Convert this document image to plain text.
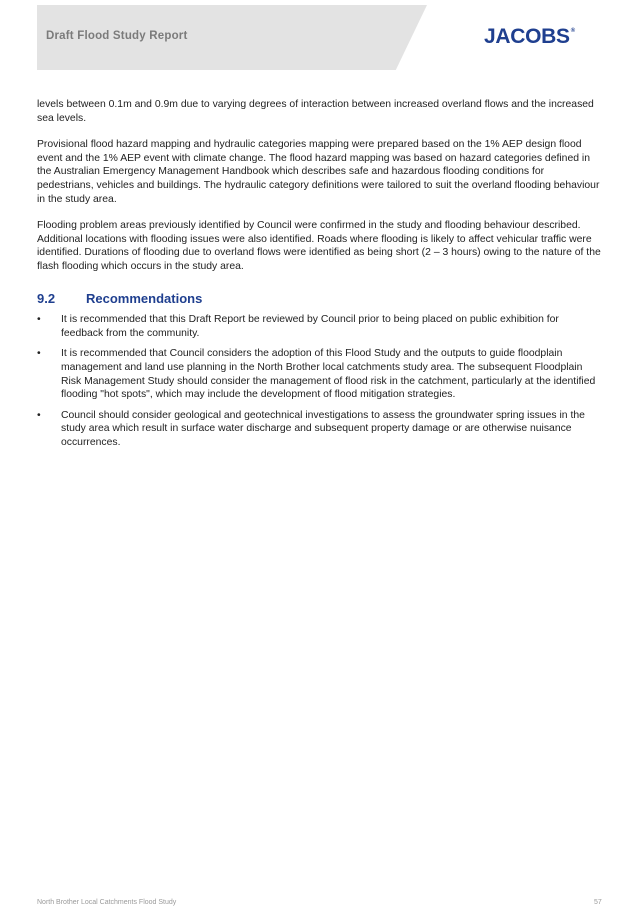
Draft Flood Study Report	JACOBS®

levels between 0.1m and 0.9m due to varying degrees of interaction between increased overland flows and the increased sea levels.

Provisional flood hazard mapping and hydraulic categories mapping were prepared based on the 1% AEP design flood event and the 1% AEP event with climate change. The flood hazard mapping was based on hazard categories defined in the Australian Emergency Management Handbook which describes safe and hazardous flooding conditions for pedestrians, vehicles and buildings. The hydraulic category definitions were tailored to suit the overland flooding behaviour in the study area.

Flooding problem areas previously identified by Council were confirmed in the study and flooding behaviour described. Additional locations with flooding issues were also identified. Roads where flooding is likely to affect vehicular traffic were identified. Durations of flooding due to overland flows were identified as being short (2 – 3 hours) owing to the nature of the flash flooding which occurs in the study area.

9.2	Recommendations
•	It is recommended that this Draft Report be reviewed by Council prior to being placed on public exhibition for feedback from the community.
•	It is recommended that Council considers the adoption of this Flood Study and the outputs to guide floodplain management and land use planning in the North Brother local catchments study area. The subsequent Floodplain Risk Management Study should consider the management of flood risk in the catchment, particularly at the identified flooding "hot spots", which may include the development of flood mitigation strategies.
•	Council should consider geological and geotechnical investigations to assess the groundwater spring issues in the study area which result in surface water discharge and subsequent property damage or are otherwise nuisance occurrences.
North Brother Local Catchments Flood Study	57
